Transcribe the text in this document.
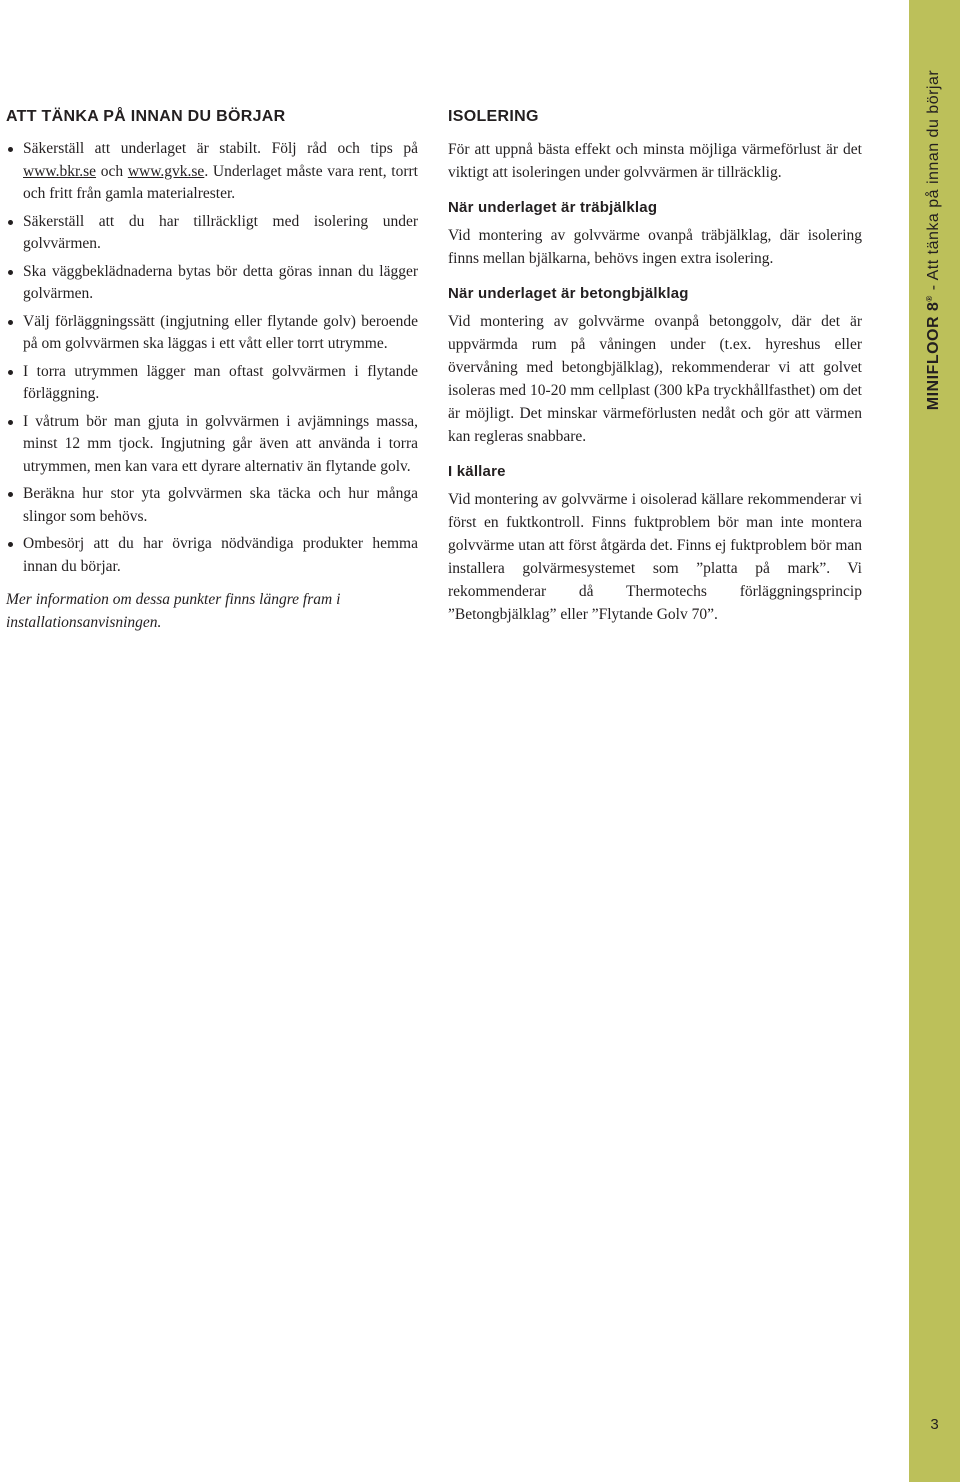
ATT TÄNKA PÅ INNAN DU BÖRJAR
Säkerställ att underlaget är stabilt. Följ råd och tips på www.bkr.se och www.gvk.se. Underlaget måste vara rent, torrt och fritt från gamla materialrester.
Säkerställ att du har tillräckligt med isolering under golvvärmen.
Ska väggbeklädnaderna bytas bör detta göras innan du lägger golvärmen.
Välj förläggningssätt (ingjutning eller flytande golv) beroende på om golvvärmen ska läggas i ett vått eller torrt utrymme.
I torra utrymmen lägger man oftast golvvärmen i flytande förläggning.
I våtrum bör man gjuta in golvvärmen i avjämnings massa, minst 12 mm tjock. Ingjutning går även att använda i torra utrymmen, men kan vara ett dyrare alternativ än flytande golv.
Beräkna hur stor yta golvvärmen ska täcka och hur många slingor som behövs.
Ombesörj att du har övriga nödvändiga produkter hemma innan du börjar.

Mer information om dessa punkter finns längre fram i installationsanvisningen.

ISOLERING

För att uppnå bästa effekt och minsta möjliga värmeförlust är det viktigt att isoleringen under golvvärmen är tillräcklig.

När underlaget är träbjälklag

Vid montering av golvvärme ovanpå träbjälklag, där isolering finns mellan bjälkarna, behövs ingen extra isolering.

När underlaget är betongbjälklag

Vid montering av golvvärme ovanpå betonggolv, där det är uppvärmda rum på våningen under (t.ex. hyreshus eller övervåning med betongbjälklag), rekommenderar vi att golvet isoleras med 10-20 mm cellplast (300 kPa tryckhållfasthet) om det är möjligt. Det minskar värmeförlusten nedåt och gör att värmen kan regleras snabbare.

I källare

Vid montering av golvvärme i oisolerad källare rekommenderar vi först en fuktkontroll. Finns fuktproblem bör man inte montera golvvärme utan att först åtgärda det. Finns ej fuktproblem bör man installera golvärmesystemet som ”platta på mark”. Vi rekommenderar då Thermotechs förläggningsprincip ”Betongbjälklag” eller ”Flytande Golv 70”.

MINIFLOOR 8® - Att tänka på innan du börjar
3
